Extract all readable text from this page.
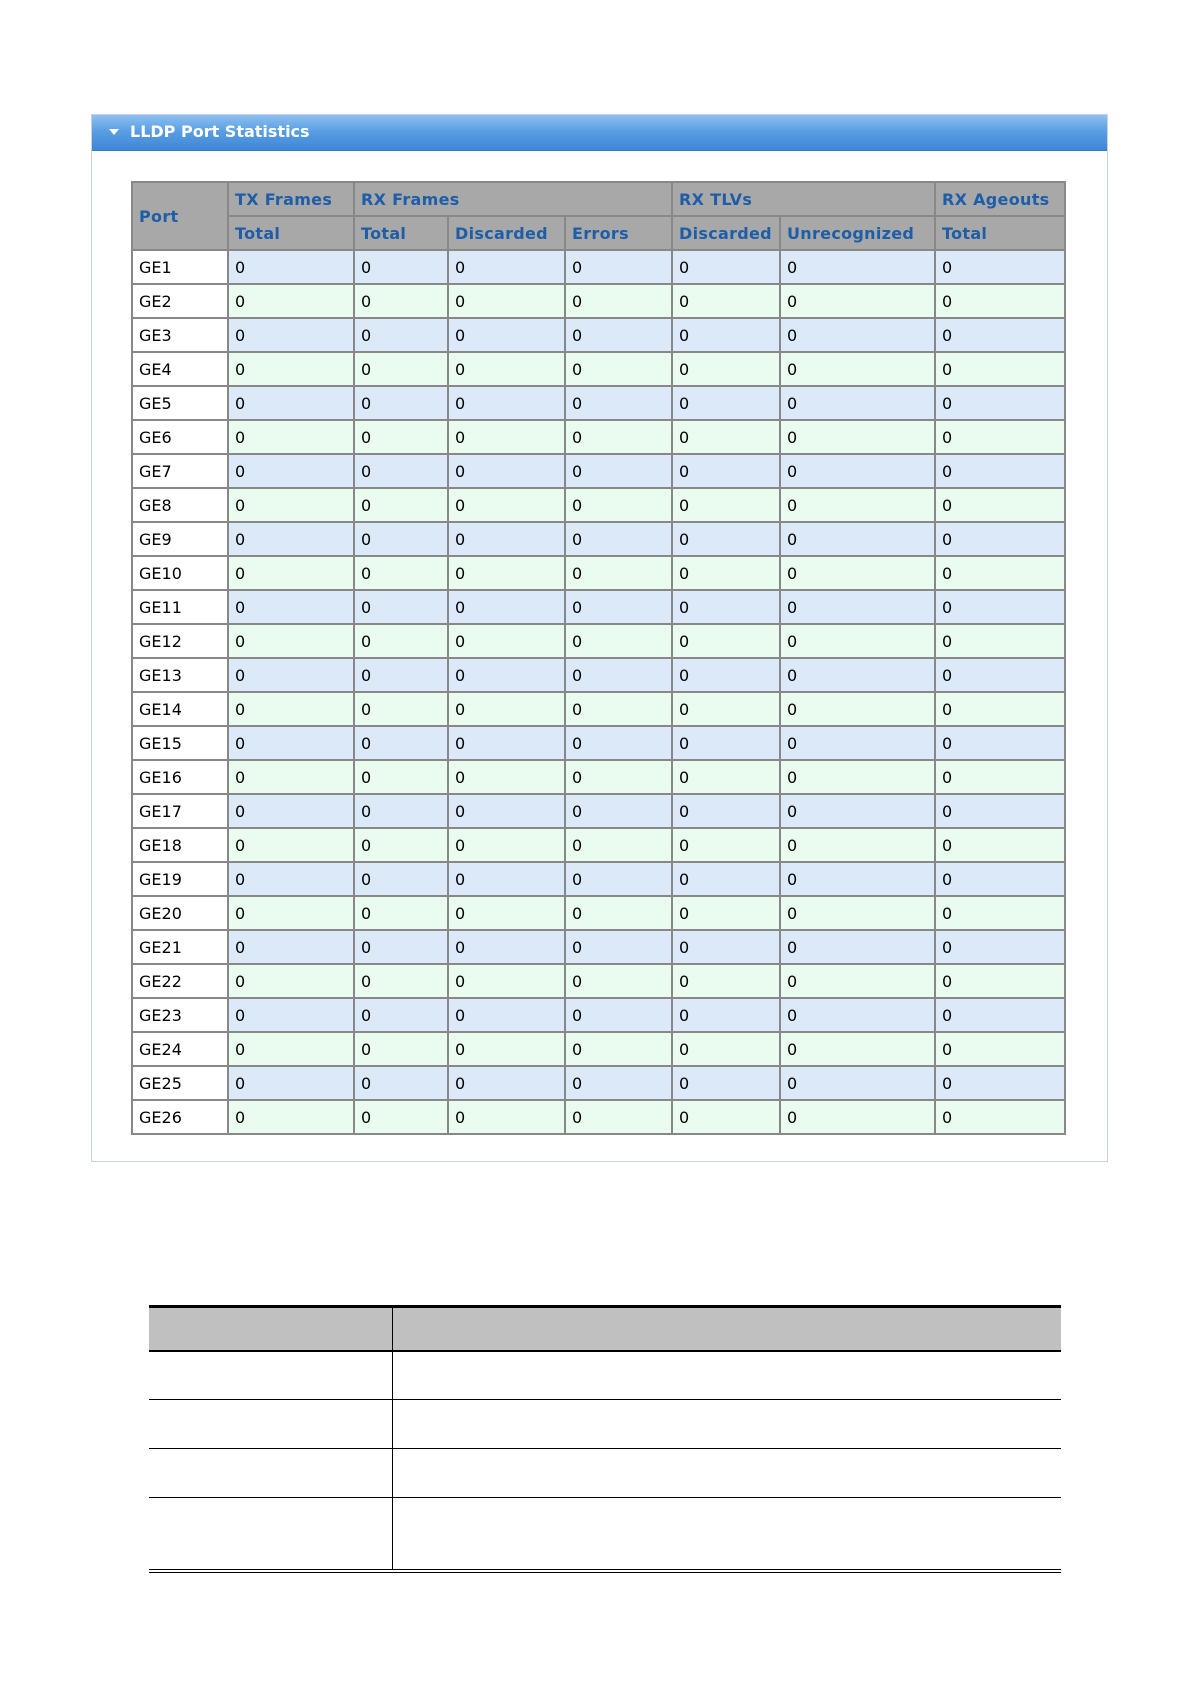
LLDP Port Statistics
Port	TX Frames	RX Frames			RX TLVs		RX Ageouts
	Total	Total	Discarded	Errors	Discarded	Unrecognized	Total
GE1	0	0	0	0	0	0	0
GE2	0	0	0	0	0	0	0
GE3	0	0	0	0	0	0	0
GE4	0	0	0	0	0	0	0
GE5	0	0	0	0	0	0	0
GE6	0	0	0	0	0	0	0
GE7	0	0	0	0	0	0	0
GE8	0	0	0	0	0	0	0
GE9	0	0	0	0	0	0	0
GE10	0	0	0	0	0	0	0
GE11	0	0	0	0	0	0	0
GE12	0	0	0	0	0	0	0
GE13	0	0	0	0	0	0	0
GE14	0	0	0	0	0	0	0
GE15	0	0	0	0	0	0	0
GE16	0	0	0	0	0	0	0
GE17	0	0	0	0	0	0	0
GE18	0	0	0	0	0	0	0
GE19	0	0	0	0	0	0	0
GE20	0	0	0	0	0	0	0
GE21	0	0	0	0	0	0	0
GE22	0	0	0	0	0	0	0
GE23	0	0	0	0	0	0	0
GE24	0	0	0	0	0	0	0
GE25	0	0	0	0	0	0	0
GE26	0	0	0	0	0	0	0
